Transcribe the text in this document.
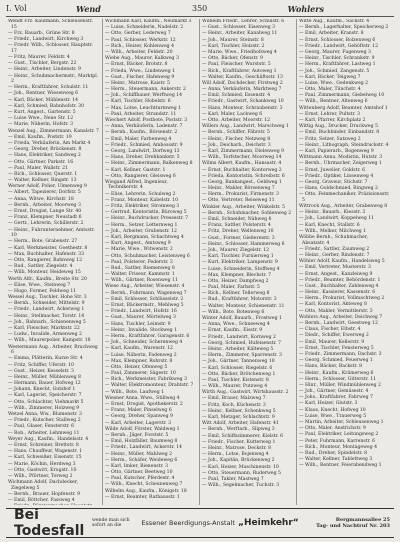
I. Vol	Wend	350	Wohlers
Wendt Frz. Kaufmann, Schleusenstr. 15
— Frz. Bauarb., Grüne Str. 8
— Friedr., Landwirt, Kirchweg 3
— Friedr. Wilh., Schlosser, Hauptstr. 17
— Fritz, Maurer, Feldstr. 4
— Gust., Tischler, Bergstr. 22
— Heinr., Arbeiter, Lindenstr. 9
— Heinr., Schuhmachermstr., Marktpl. 2
— Herm., Kraftfahrer, Schulstr. 11
— Joh., Rentner, Wiesenweg 6
— Karl, Bäcker, Mühlenstr. 14
— Karl, Schmied, Bahnhofstr. 30
— Kurt, Angest., Gartenstr. 5
— Luise Wwe., Neue Str. 12
— Marie, Näherin, Hofstr. 3
Wenzel Aug., Zimmermann, Kanalstr. 7
— Emil, Kaufm., Poststr. 19
— Frieda, Verkäuferin, Am Markt 4
— Georg, Dreher, Brückenstr. 8
— Hans, Elektriker, Sandweg 2
— Otto, Gärtner, Parkstr. 16
— Paul, Maler, Wallstr. 21
— Rich., Schlosser, Querstr. 1
— Walter, Kellner, Ringstr. 13
Werner Adolf, Polier, Ulmenweg 9
— Albert, Tapezierer, Dorfstr. 5
— Anna, Witwe, Kirchstr. 18
— Bernh., Arbeiter, Moorweg 3
— Ernst, Drogist, Lange Str. 40
— Franz, Klempner, Neustadt 6
— Gertr., Lehrerin, Schillerstr. 2
— Heinr., Fuhrunternehmer, Amtsstr. 10
— Herm., Bote, Grabenstr. 27
— Karl, Werkmeister, Goethestr. 8
— Max, Buchhalter, Hafenstr. 33
— Otto, Rangierer, Bahnweg 12
— Rud., Sattler, Ziegelstr. 4
— Willi, Monteur, Heideweg 15
Werth Alfr., Kaufm., Breite Str. 20
— Elise, Wwe., Steinweg 7
— Hugo, Former, Feldweg 11
Wessel Aug., Tischler, Hohe Str. 3
— Bernh., Schneider, Mittelstr. 9
— Friedr., Landwirt, Ackerweg 1
— Heinr., Stellmacher, Torstr. 14
— Joh., Bahnarb., Schienenweg 5
— Karl, Fleischer, Marktstr. 22
— Ludw., Invalide, Armenweg 2
— Wilh., Maurerpolier, Kampstr. 18
Westermann Aug., Arbeiter, Bruchweg 6
— Emma, Plätterin, Kurze Str. 4
— Fritz, Schiffer, Uferstr. 10
— Gust., Heizer, Kesselstr. 3
— Heinr., Müller, Mühlenweg 8
— Hermann, Bauer, Hofweg 12
— Johann, Knecht, Gutshof 1
— Karl, Lagerist, Speicherstr. 7
— Otto, Schlachter, Viehmarkt 5
— Wilh., Zimmerer, Holzweg 9
Wetzel Anna, Ww., Blumenstr. 3
— Friedr., Kutscher, Stallweg 2
— Paul, Glaser, Fensterstr. 6
— Rob., Arbeiter, Lehmweg 11
Weyer Aug., Kaufm., Handelsstr. 4
— Ernst, Schreiner, Brettstr. 8
— Hans, Chauffeur, Wagenstr. 1
— Karl, Schweißer, Eisenstr. 15
— Marie, Köchin, Herdweg 3
— Otto, Gastwirt, Krugstr. 10
— Wilh., Pförtner, Torweg 2
Wichmann Adolf, Dachdecker, Ziegelweg 5
— Bernh., Brauer, Hopfenstr. 9
— Emil, Böttcher, Fassweg 4
Wichmann Karl, Kaufm., Neumarkt 3
— Luise, Schneiderin, Nadelstr. 2
— Otto, Gerber, Lederweg 7
— Paul, Schlosser, Werkstr. 12
— Rich., Heizer, Kohlenweg 4
— Wilh., Arbeiter, Feldstr. 20
Wiebe Aug., Maurer, Kalkweg 3
— Ernst, Bäcker, Brotstr. 8
— Frieda, Wwe., Lindenweg 1
— Gust., Fischer, Hafenweg 9
— Heinr., Matrose, Kaistr. 5
— Herm., Steuermann, Ankerstr. 2
— Joh., Schiffbauer, Werftweg 14
— Karl, Tischler, Hobelstr. 6
— Max, Lotse, Leuchtturmweg 1
— Paul, Arbeiter, Strandstr. 11
Wiechert Adolf, Postbote, Poststr. 3
— Anna, Verkäuferin, Ladenstr. 7
— Bernh., Kaufm., Börsenstr. 2
— Emil, Maler, Farbenweg 4
— Friedr., Schmied, Ambossstr. 9
— Georg, Landwirt, Dorfweg 13
— Hans, Dreher, Drehbankstr. 5
— Heinr., Zimmermann, Balkenweg 8
— Karl, Kellner, Gaststr. 1
— Otto, Rangierer, Gleisweg 6
Wiegand Alfred, Ingenieur, Technikerstr. 4
— Elise, Lehrerin, Schulweg 2
— Franz, Monteur, Kabelstr. 10
— Fritz, Elektriker, Stromweg 3
— Gertrud, Kontoristin, Büroweg 5
— Heinr., Buchdrucker, Pressestr. 7
— Herm., Setzer, Letternweg 1
— Joh., Arbeiter, Grubenstr. 12
— Karl, Bergmann, Schachtweg 4
— Kurt, Angest., Amtsweg 9
— Marie, Wwe., Witwenstr. 2
— Otto, Schuhmacher, Leistenweg 6
— Paul, Polsterer, Federstr. 3
— Rud., Sattler, Riemenweg 8
— Walter, Friseur, Kammstr. 1
— Wilh., Gärtner, Rosenweg 11
Wiese Aug., Arbeiter, Wiesenstr. 4
— Bernh., Fuhrmann, Wagenweg 7
— Emil, Schlosser, Schlüsselstr. 2
— Ernst, Bäckermstr., Mehlweg 5
— Friedr., Landwirt, Hofstr. 16
— Gust., Maurer, Mörtelweg 3
— Hans, Tischler, Leimstr. 9
— Heinr., Invalide, Stockweg 1
— Herm., Kraftfahrer, Garagenstr. 6
— Joh., Schneider, Scherenweg 4
— Karl, Kaufm., Warenstr. 12
— Luise, Näherin, Fadenweg 2
— Max, Klempner, Rohrstr. 8
— Otto, Heizer, Ofenweg 5
— Paul, Zimmerer, Sägestr. 10
— Rich., Werkmeister, Fabrikweg 3
— Walter, Elektromonteur, Drahtstr. 7
— Wilh., Bote, Laufweg 1
Wiesner Anna, Wwe., Stillweg 4
— Ernst, Drogist, Apothekerstr. 2
— Franz, Maler, Pinselweg 6
— Georg, Dreher, Spanweg 9
— Karl, Arbeiter, Lagerstr. 3
Wilde Adolf, Förster, Waldweg 1
— Bernh., Jäger, Forststr. 5
— Emil, Holzfäller, Baumweg 8
— Friedr., Landwirt, Ackerstr. 14
— Heinr., Müller, Mahlweg 2
— Herm., Schäfer, Weideweg 6
— Karl, Imker, Bienenstr. 3
— Otto, Gärtner, Beetweg 10
— Paul, Kutscher, Pferdestr. 4
— Wilh., Knecht, Scheunenweg 7
Wilhelm Aug., Kaufm., Königstr. 18
— Ernst, Beamter, Rathausstr. 1
Wilhelm Friedr., Lehrer, Schulstr. 6
— Gust., Schlosser, Eisenweg 3
— Heinr., Arbeiter, Kanalweg 11
— Joh., Maurer, Steinstr. 8
— Karl, Tischler, Holzstr. 2
— Marie, Wwe., Friedhofsweg 4
— Otto, Bäcker, Ofenstr. 9
— Paul, Fleischer, Wurststr. 5
— Rich., Kraftfahrer, Autoweg 1
— Walter, Kaufm., Geschäftsstr. 13
Will Adolf, Dachdecker, Firstweg 2
— Anna, Verkäuferin, Marktweg 7
— Emil, Schmied, Essenstr. 4
— Friedr., Gastwirt, Schankweg 10
— Hans, Monteur, Schraubenstr. 3
— Karl, Maler, Lackweg 6
— Otto, Arbeiter, Moorstr. 12
Willers Aug., Landwirt, Marschweg 1
— Bernh., Schiffer, Fährstr. 5
— Heinr., Fischer, Netzweg 8
— Joh., Deicharb., Deichstr. 3
— Karl, Zimmermann, Dielenweg 9
— Wilh., Torfstecher, Moorweg 14
Wilms Albert, Kaufm., Hansastr. 4
— Ernst, Buchhalter, Kontorweg 2
— Frieda, Kontoristin, Schreibstr. 6
— Georg, Bankangest., Geldweg 1
— Heinr., Makler, Börsenweg 7
— Herm., Prokurist, Firmenstr. 3
— Otto, Vertreter, Reiseweg 11
Winkler Aug., Arbeiter, Winkelstr. 5
— Bernh., Schuhmacher, Sohlenweg 2
— Emil, Schneider, Nähweg 8
— Franz, Sattler, Polsterstr. 4
— Fritz, Dreher, Wellenweg 10
— Gust., Former, Gießereistr. 3
— Heinr., Schlosser, Hammerweg 6
— Joh., Maurer, Ziegelstr. 12
— Karl, Tischler, Furnierweg 1
— Kurt, Elektriker, Lampenstr. 9
— Luise, Schneiderin, Stoffweg 4
— Max, Klempner, Blechstr. 7
— Otto, Heizer, Dampfweg 2
— Paul, Maler, Farbstr. 5
— Rich., Kellner, Tellerweg 8
— Rud., Kraftfahrer, Motorstr. 3
— Walter, Monteur, Schienenstr. 11
— Wilh., Bote, Botenweg 6
Winter Adolf, Bauarb., Frostweg 1
— Anna, Wwe., Schneeweg 4
— Ernst, Kaufm., Eisstr. 9
— Friedr., Landwirt, Kornweg 2
— Georg, Schmied, Hufeisenstr. 7
— Heinr., Arbeiter, Kälteweg 5
— Herm., Zimmerer, Sparrenstr. 3
— Joh., Gärtner, Tannenweg 10
— Karl, Schlosser, Riegelstr. 6
— Otto, Bäcker, Brötchenweg 1
— Paul, Tischler, Kistenstr. 8
— Wilh., Maurer, Putzweg 4
Wirth Aug., Gastwirt, Wirtshausstr. 2
— Emil, Brauer, Malzweg 7
— Fritz, Koch, Küchenstr. 3
— Heinr., Kellner, Schenkweg 5
— Karl, Metzger, Schlachtstr. 9
Witt Adolf, Arbeiter, Hafenstr. 41
— Bernh., Werftarb., Slipweg 3
— Emil, Schiffszimmerer, Kielstr. 6
— Friedr., Fischer, Kutterweg 1
— Heinr., Matrose, Deckstr. 8
— Herm., Lotse, Bojenweg 4
— Joh., Kapitän, Brückenweg 2
— Karl, Heizer, Maschinenstr. 10
— Otto, Steuermann, Ruderweg 5
— Paul, Takler, Mastweg 7
— Wilh., Segelmacher, Tuchstr. 3
Witte Aug., Kaufm., Sackstr. 4
— Bernh., Lagerhalter, Speicherweg 2
— Emil, Arbeiter, Kranstr. 8
— Ernst, Schlosser, Bolzenweg 6
— Friedr., Landwirt, Gehöftstr. 12
— Georg, Maurer, Fugenweg 3
— Heinr., Tischler, Schrankstr. 9
— Herm., Kraftfahrer, Lastweg 1
— Joh., Schmied, Zangenstr. 5
— Karl, Bäcker, Teigweg 7
— Luise, Wwe., Gedenkweg 2
— Otto, Maler, Tünchstr. 4
— Paul, Zimmermann, Giebelweg 10
— Wilh., Rentner, Altenweg 6
Wittenberg Adolf, Beamter, Amtshof 1
— Ernst, Lehrer, Pultstr. 3
— Karl, Pfarrer, Kirchplatz 2
Wittig Aug., Drucker, Druckweg 5
— Emil, Buchbinder, Einbandstr. 8
— Fritz, Setzer, Satzweg 2
— Heinr., Lithograph, Steindruckstr. 4
— Karl, Papierarb., Bogenweg 9
Wittmann Anna, Modistin, Hutstr. 3
— Bernh., Uhrmacher, Zeigerweg 1
— Ernst, Juwelier, Goldstr. 6
— Friedr., Optiker, Linsenweg 4
— Georg, Graveur, Stichstr. 7
— Hans, Goldschmied, Ringweg 2
— Otto, Feinmechaniker, Präzisionsstr. 5
Wittrock Aug., Arbeiter, Grabenweg 8
— Heinr., Bauarb., Kiesstr. 3
— Joh., Landwirt, Koppelweg 11
— Karl, Knecht, Stallstr. 6
— Wilh., Melker, Milchweg 1
Wöbbe Bernh., Schuhmacher, Absatzstr. 4
— Friedr., Sattler, Zaumweg 2
— Heinr., Gerber, Rindenstr. 7
Wöhler Adolf, Kaufm., Handelsweg 5
— Emil, Vertreter, Musterstr. 3
— Ernst, Angest., Kanzleiweg 9
— Friedr., Beamter, Behördenstr. 1
— Gust., Buchhalter, Zahlenweg 4
— Heinr., Kassierer, Kassenstr. 6
— Herm., Prokurist, Vollmachtweg 2
— Karl, Kontorist, Akteweg 8
— Otto, Makler, Vermittlerstr. 3
Wohlers Aug., Arbeiter, Deichweg 7
— Bernh., Landwirt, Geestweg 12
— Claus, Fischer, Elbstr. 4
— Diedr., Schiffer, Ewerweg 2
— Emil, Maurer, Kellerstr. 9
— Ernst, Tischler, Fensterweg 5
— Friedr., Zimmermann, Dachstr. 3
— Georg, Schmied, Feuerweg 1
— Hans, Bäcker, Backstr. 8
— Heinr., Kaufm., Krämerweg 6
— Herm., Schlosser, Gitterstr. 11
— Hinr., Müller, Windmühlenweg 2
— Joh., Gärtner, Gemüsestr. 4
— Johs., Kraftfahrer, Fahrweg 7
— Karl, Heizer, Glutstr. 3
— Klaus, Knecht, Hofweg 10
— Luise, Wwe., Trauerweg 5
— Martin, Arbeiter, Schleusenweg 1
— Otto, Maler, Anstrichstr. 9
— Paul, Elektriker, Leitungsweg 2
— Peter, Fuhrmann, Karrenstr. 6
— Rich., Monteur, Montageweg 4
— Rud., Dreher, Spindelstr. 8
— Walter, Kellner, Tablettweg 3
— Wilh., Rentner, Feierabendweg 1
Bei Todesfall
wende man sich
sofort an die	Essener Beerdigungs-Anstalt „Heimkehr“	Bergmannsallee 25
Tag- und Nachtruf Nr. 203
